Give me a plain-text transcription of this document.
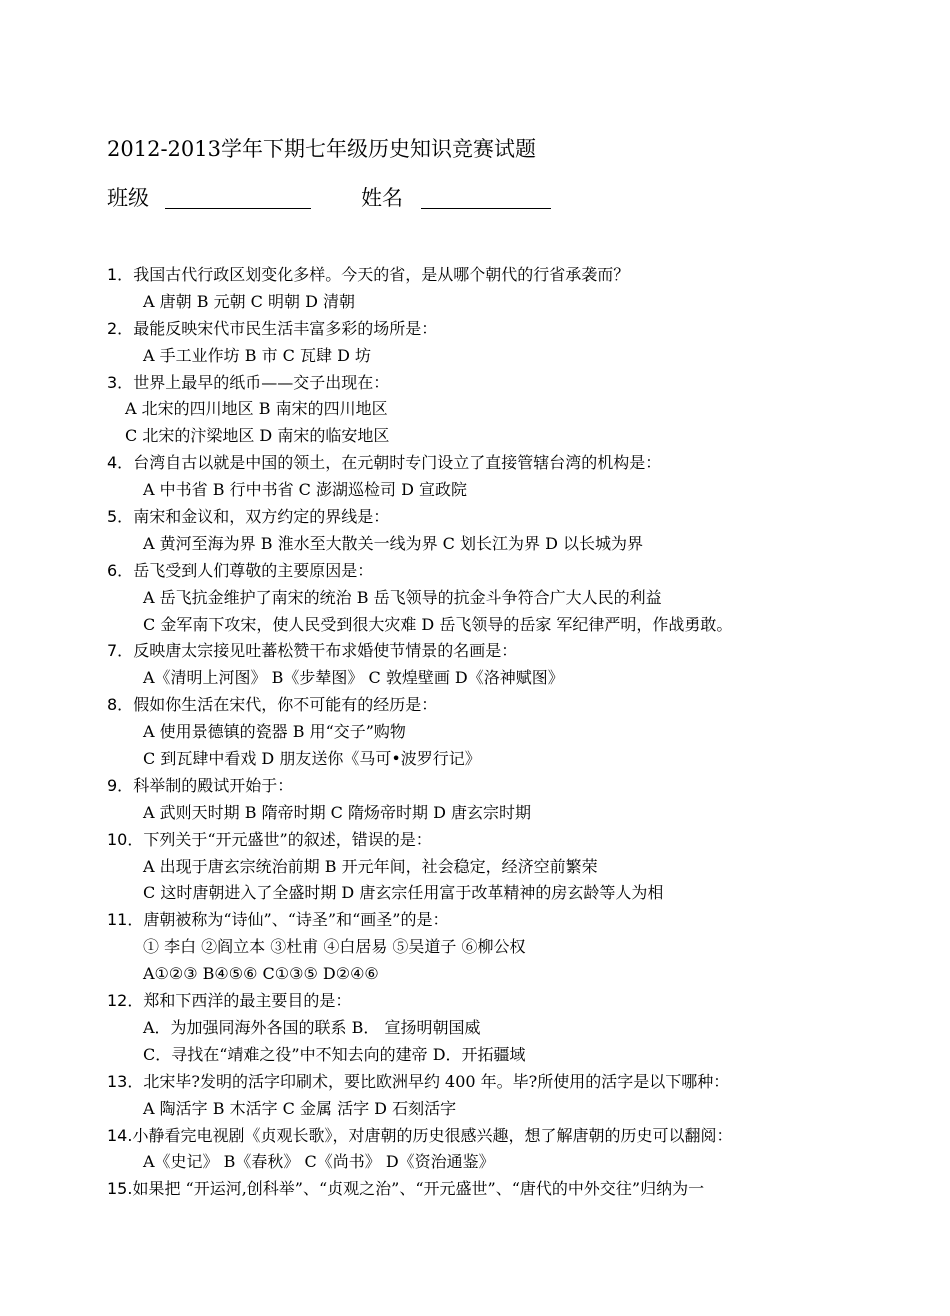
2012-2013学年下期七年级历史知识竞赛试题
班级	姓名
1．我国古代行政区划变化多样。今天的省，是从哪个朝代的行省承袭而？
A 唐朝 B 元朝 C 明朝 D 清朝
2．最能反映宋代市民生活丰富多彩的场所是：
A 手工业作坊 B 市 C 瓦肆 D 坊
3．世界上最早的纸币——交子出现在：
A 北宋的四川地区 B 南宋的四川地区
C 北宋的汴梁地区 D 南宋的临安地区
4．台湾自古以就是中国的领土，在元朝时专门设立了直接管辖台湾的机构是：
A 中书省 B 行中书省 C 澎湖巡检司 D 宣政院
5．南宋和金议和，双方约定的界线是：
A 黄河至海为界 B 淮水至大散关一线为界 C 划长江为界 D 以长城为界
6．岳飞受到人们尊敬的主要原因是：
A 岳飞抗金维护了南宋的统治 B 岳飞领导的抗金斗争符合广大人民的利益
C 金军南下攻宋，使人民受到很大灾难 D 岳飞领导的岳家 军纪律严明，作战勇敢。
7．反映唐太宗接见吐蕃松赞干布求婚使节情景的名画是：
A《清明上河图》 B《步辇图》 C 敦煌壁画 D《洛神赋图》
8．假如你生活在宋代，你不可能有的经历是：
A 使用景德镇的瓷器 B 用“交子”购物
C 到瓦肆中看戏 D 朋友送你《马可•波罗行记》
9．科举制的殿试开始于：
A 武则天时期 B 隋帝时期 C 隋炀帝时期 D 唐玄宗时期
10．下列关于“开元盛世”的叙述，错误的是：
A 出现于唐玄宗统治前期 B 开元年间，社会稳定，经济空前繁荣
C 这时唐朝进入了全盛时期 D 唐玄宗任用富于改革精神的房玄龄等人为相
11．唐朝被称为“诗仙”、“诗圣”和“画圣”的是：
① 李白 ②阎立本 ③杜甫 ④白居易 ⑤吴道子 ⑥柳公权
A①②③ B④⑤⑥ C①③⑤ D②④⑥
12．郑和下西洋的最主要目的是：
A．为加强同海外各国的联系 B． 宣扬明朝国威
C．寻找在“靖难之役”中不知去向的建帝 D．开拓疆域
13．北宋毕?发明的活字印刷术，要比欧洲早约 400 年。毕?所使用的活字是以下哪种：
A 陶活字 B 木活字 C 金属 活字 D 石刻活字
14.小静看完电视剧《贞观长歌》，对唐朝的历史很感兴趣，想了解唐朝的历史可以翻阅：
A《史记》 B《春秋》 C《尚书》 D《资治通鉴》
15.如果把 “开运河,创科举”、“贞观之治”、“开元盛世”、“唐代的中外交往”归纳为一
